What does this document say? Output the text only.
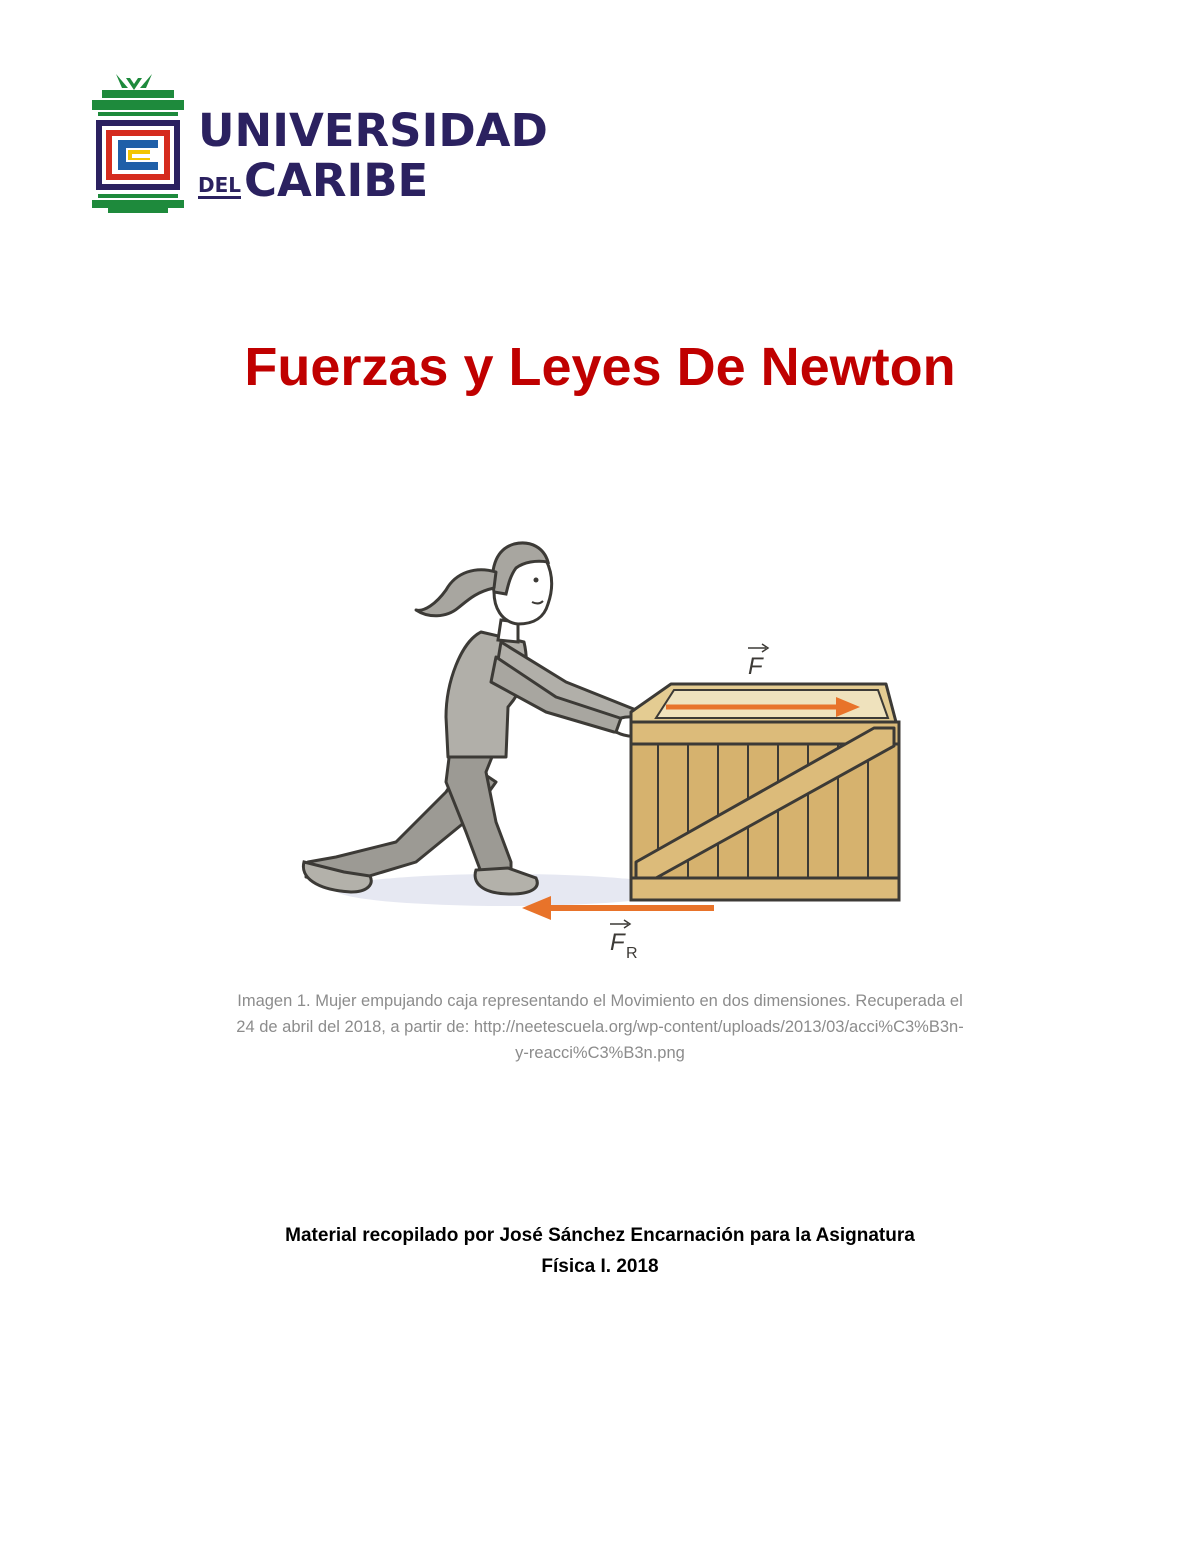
UNIVERSIDAD
DEL CARIBE
Fuerzas y Leyes De Newton
F
F R
Imagen 1. Mujer empujando caja representando el Movimiento en dos dimensiones. Recuperada el
24 de abril del 2018, a partir de: http://neetescuela.org/wp-content/uploads/2013/03/acci%C3%B3n-
y-reacci%C3%B3n.png
Material recopilado por José Sánchez Encarnación para la Asignatura
Física I. 2018
